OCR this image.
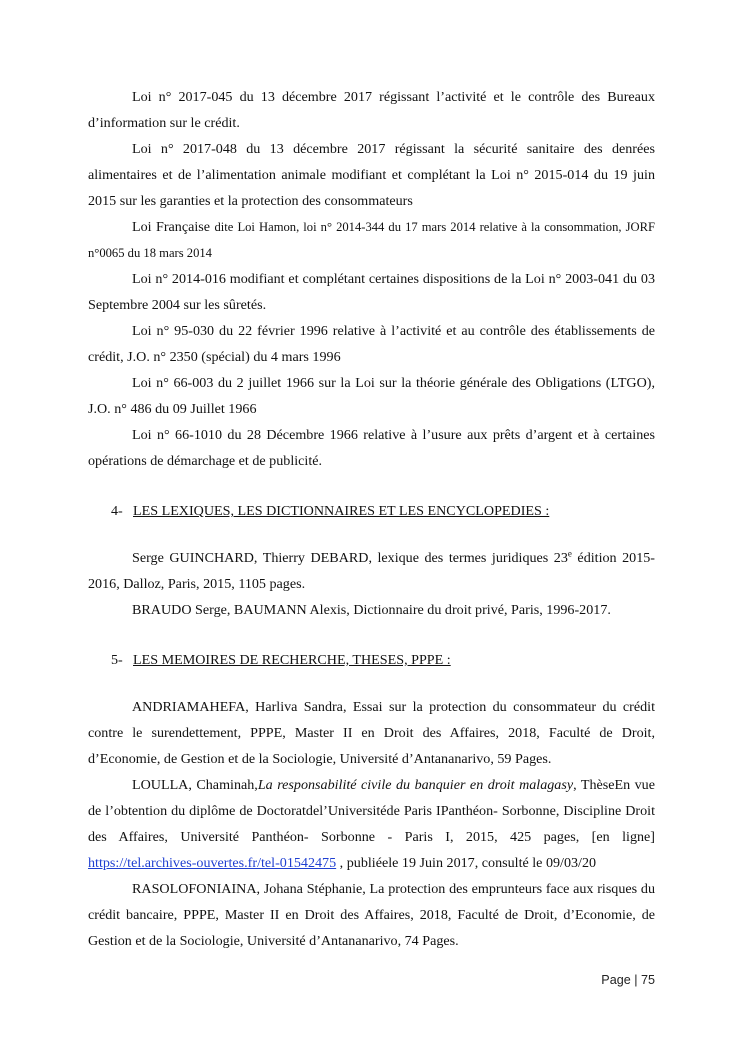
Loi n° 2017-045 du 13 décembre 2017 régissant l’activité et le contrôle des Bureaux d’information sur le crédit.

Loi n° 2017-048 du 13 décembre 2017 régissant la sécurité sanitaire des denrées alimentaires et de l’alimentation animale modifiant et complétant la Loi n° 2015-014 du 19 juin 2015 sur les garanties et la protection des consommateurs

Loi Française dite Loi Hamon, loi n° 2014-344 du 17 mars 2014 relative à la consommation, JORF n°0065 du 18 mars 2014

Loi n° 2014-016 modifiant et complétant certaines dispositions de la Loi n° 2003-041 du 03 Septembre 2004 sur les sûretés.

Loi n° 95-030 du 22 février 1996 relative à l’activité et au contrôle des établissements de crédit, J.O. n° 2350 (spécial) du 4 mars 1996

Loi n° 66-003 du 2 juillet 1966 sur la Loi sur la théorie générale des Obligations (LTGO), J.O. n° 486 du 09 Juillet 1966

Loi n° 66-1010 du 28 Décembre 1966 relative à l’usure aux prêts d’argent et à certaines opérations de démarchage et de publicité.

4- LES LEXIQUES, LES DICTIONNAIRES ET LES ENCYCLOPEDIES :

Serge GUINCHARD, Thierry DEBARD, lexique des termes juridiques 23e édition 2015-2016, Dalloz, Paris, 2015, 1105 pages.

BRAUDO Serge, BAUMANN Alexis, Dictionnaire du droit privé, Paris, 1996-2017.

5- LES MEMOIRES DE RECHERCHE, THESES, PPPE :

ANDRIAMAHEFA, Harliva Sandra, Essai sur la protection du consommateur du crédit contre le surendettement, PPPE, Master II en Droit des Affaires, 2018, Faculté de Droit, d’Economie, de Gestion et de la Sociologie, Université d’Antananarivo, 59 Pages.

LOULLA, Chaminah,La responsabilité civile du banquier en droit malagasy, ThèseEn vue de l’obtention du diplôme de Doctoratdel’Universitéde Paris IPanthéon- Sorbonne, Discipline Droit des Affaires, Université Panthéon- Sorbonne - Paris I, 2015, 425 pages, [en ligne] https://tel.archives-ouvertes.fr/tel-01542475 , publiéele 19 Juin 2017, consulté le 09/03/20

RASOLOFONIAINA, Johana Stéphanie, La protection des emprunteurs face aux risques du crédit bancaire, PPPE, Master II en Droit des Affaires, 2018, Faculté de Droit, d’Economie, de Gestion et de la Sociologie, Université d’Antananarivo, 74 Pages.

Page | 75
